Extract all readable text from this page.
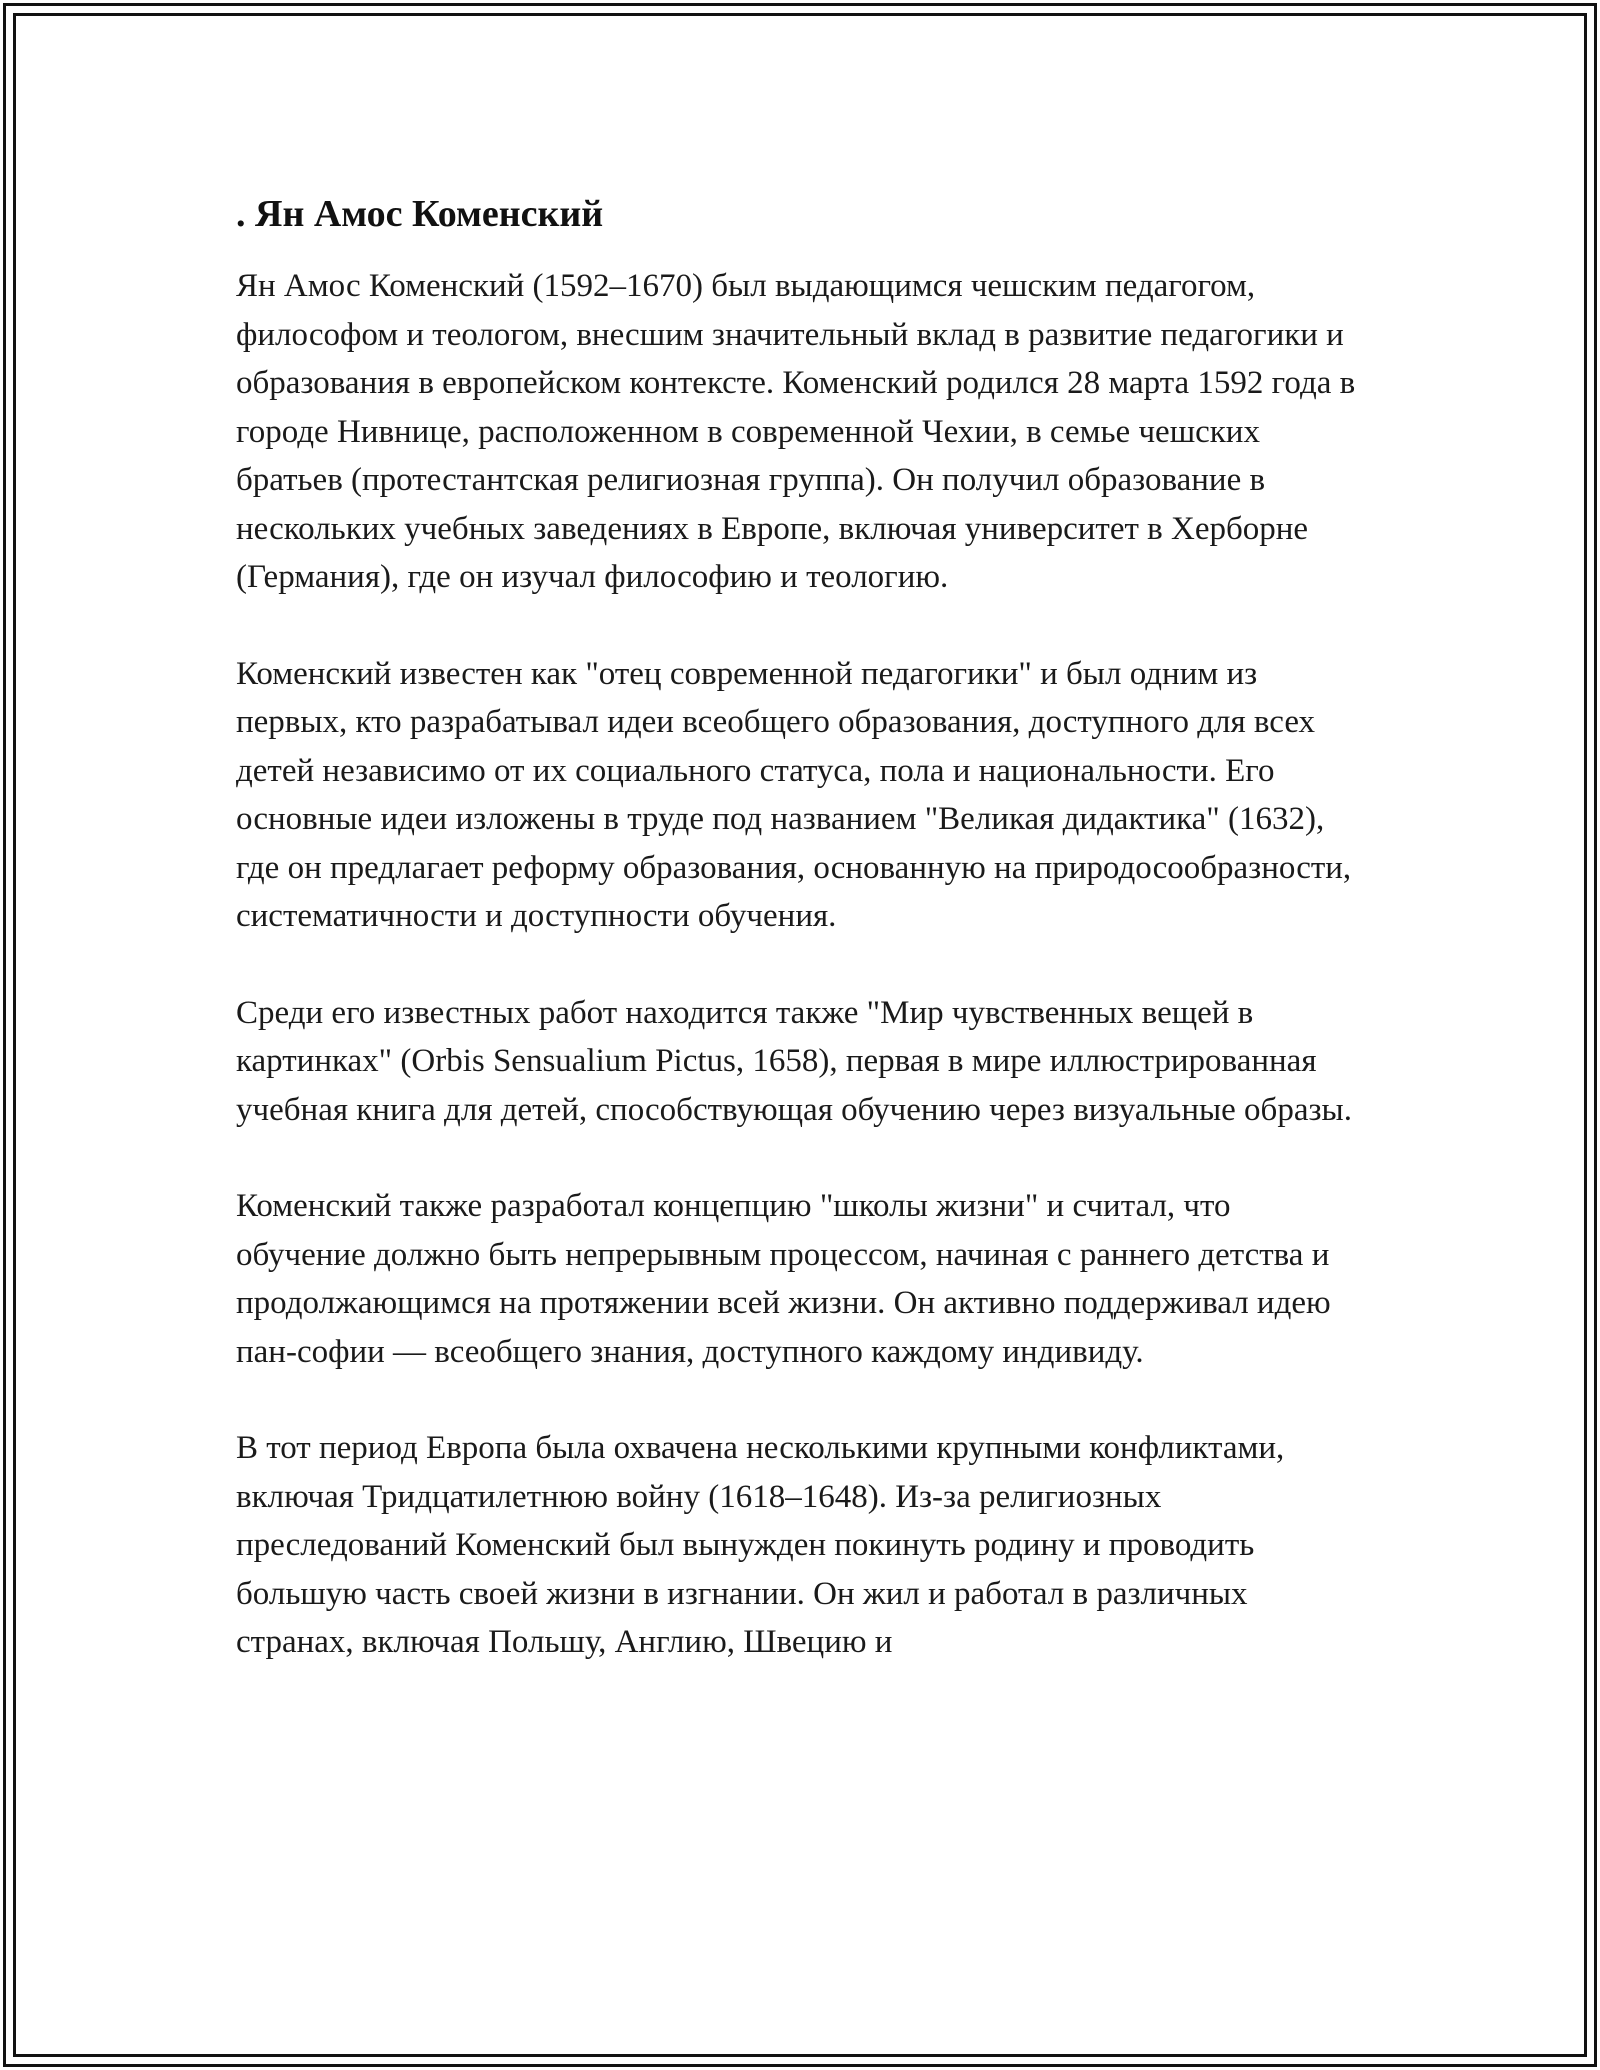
. Ян Амос Коменский

Ян Амос Коменский (1592–1670) был выдающимся чешским педагогом, философом и теологом, внесшим значительный вклад в развитие педагогики и образования в европейском контексте. Коменский родился 28 марта 1592 года в городе Нивнице, расположенном в современной Чехии, в семье чешских братьев (протестантская религиозная группа). Он получил образование в нескольких учебных заведениях в Европе, включая университет в Херборне (Германия), где он изучал философию и теологию.

Коменский известен как "отец современной педагогики" и был одним из первых, кто разрабатывал идеи всеобщего образования, доступного для всех детей независимо от их социального статуса, пола и национальности. Его основные идеи изложены в труде под названием "Великая дидактика" (1632), где он предлагает реформу образования, основанную на природосообразности, систематичности и доступности обучения.

Среди его известных работ находится также "Мир чувственных вещей в картинках" (Orbis Sensualium Pictus, 1658), первая в мире иллюстрированная учебная книга для детей, способствующая обучению через визуальные образы.

Коменский также разработал концепцию "школы жизни" и считал, что обучение должно быть непрерывным процессом, начиная с раннего детства и продолжающимся на протяжении всей жизни. Он активно поддерживал идею пан-софии — всеобщего знания, доступного каждому индивиду.

В тот период Европа была охвачена несколькими крупными конфликтами, включая Тридцатилетнюю войну (1618–1648). Из-за религиозных преследований Коменский был вынужден покинуть родину и проводить большую часть своей жизни в изгнании. Он жил и работал в различных странах, включая Польшу, Англию, Швецию и
